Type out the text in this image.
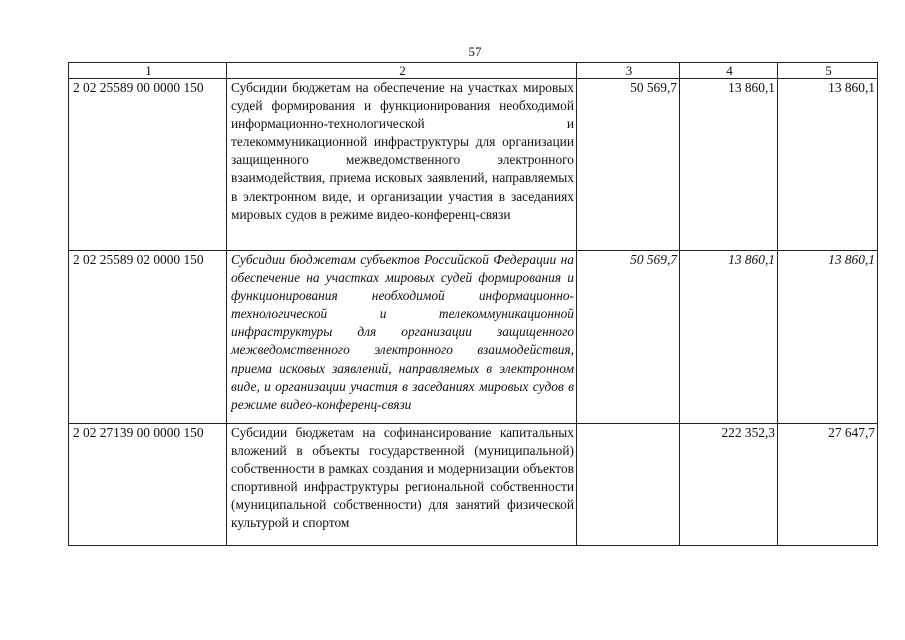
57
1	2	3	4	5
2 02 25589 00 0000 150	Субсидии бюджетам на обеспечение на участках мировых судей формирования и функционирования необходимой информационно-технологической и телекоммуникационной инфраструктуры для организации защищенного межведомственного электронного взаимодействия, приема исковых заявлений, направляемых в электронном виде, и организации участия в заседаниях мировых судов в режиме видео-конференц-связи	50 569,7	13 860,1	13 860,1
2 02 25589 02 0000 150	Субсидии бюджетам субъектов Российской Федерации на обеспечение на участках мировых судей формирования и функционирования необходимой информационно-технологической и телекоммуникационной инфраструктуры для организации защищенного межведомственного электронного взаимодействия, приема исковых заявлений, направляемых в электронном виде, и организации участия в заседаниях мировых судов в режиме видео-конференц-связи	50 569,7	13 860,1	13 860,1
2 02 27139 00 0000 150	Субсидии бюджетам на софинансирование капитальных вложений в объекты государственной (муниципальной) собственности в рамках создания и модернизации объектов спортивной инфраструктуры региональной собственности (муниципальной собственности) для занятий физической культурой и спортом		222 352,3	27 647,7
